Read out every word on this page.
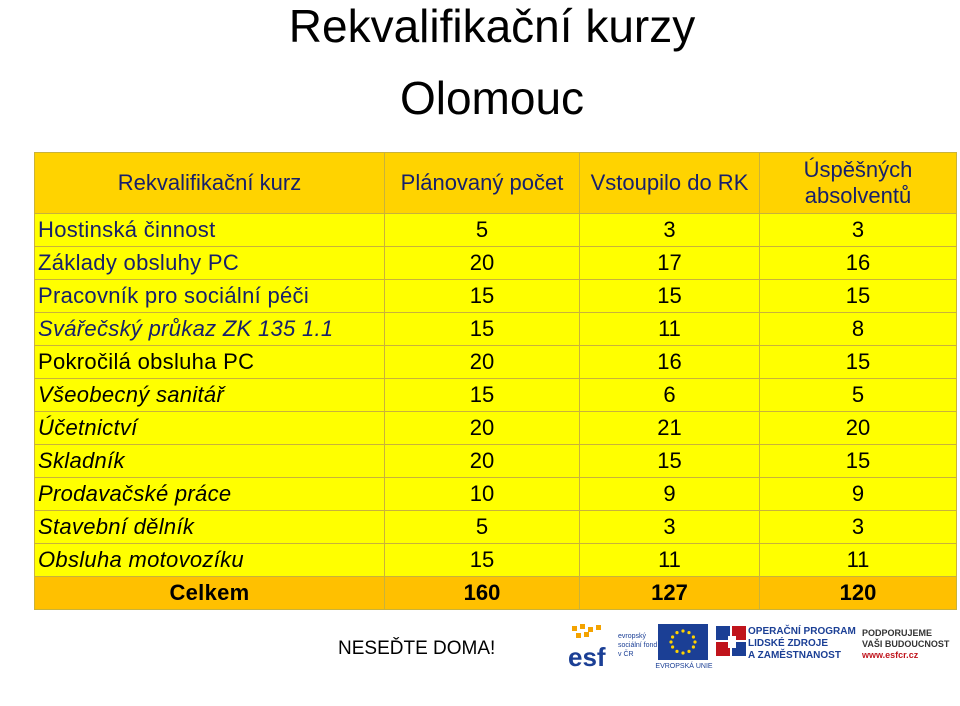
Rekvalifikační kurzy
Olomouc
Rekvalifikační kurz	Plánovaný počet	Vstoupilo do RK	Úspěšných absolventů
Hostinská činnost	5	3	3
Základy obsluhy PC	20	17	16
Pracovník pro sociální péči	15	15	15
Svářečský průkaz ZK 135 1.1	15	11	8
Pokročilá obsluha PC	20	16	15
Všeobecný sanitář	15	6	5
Účetnictví	20	21	20
Skladník	20	15	15
Prodavačské práce	10	9	9
Stavební dělník	5	3	3
Obsluha motovozíku	15	11	11
Celkem	160	127	120
NESEĎTE DOMA!	esf
evropský sociální fond v ČR
EVROPSKÁ UNIE
OPERAČNÍ PROGRAM
LIDSKÉ ZDROJE
A ZAMĚSTNANOST
PODPORUJEME
VAŠI BUDOUCNOST
www.esfcr.cz
